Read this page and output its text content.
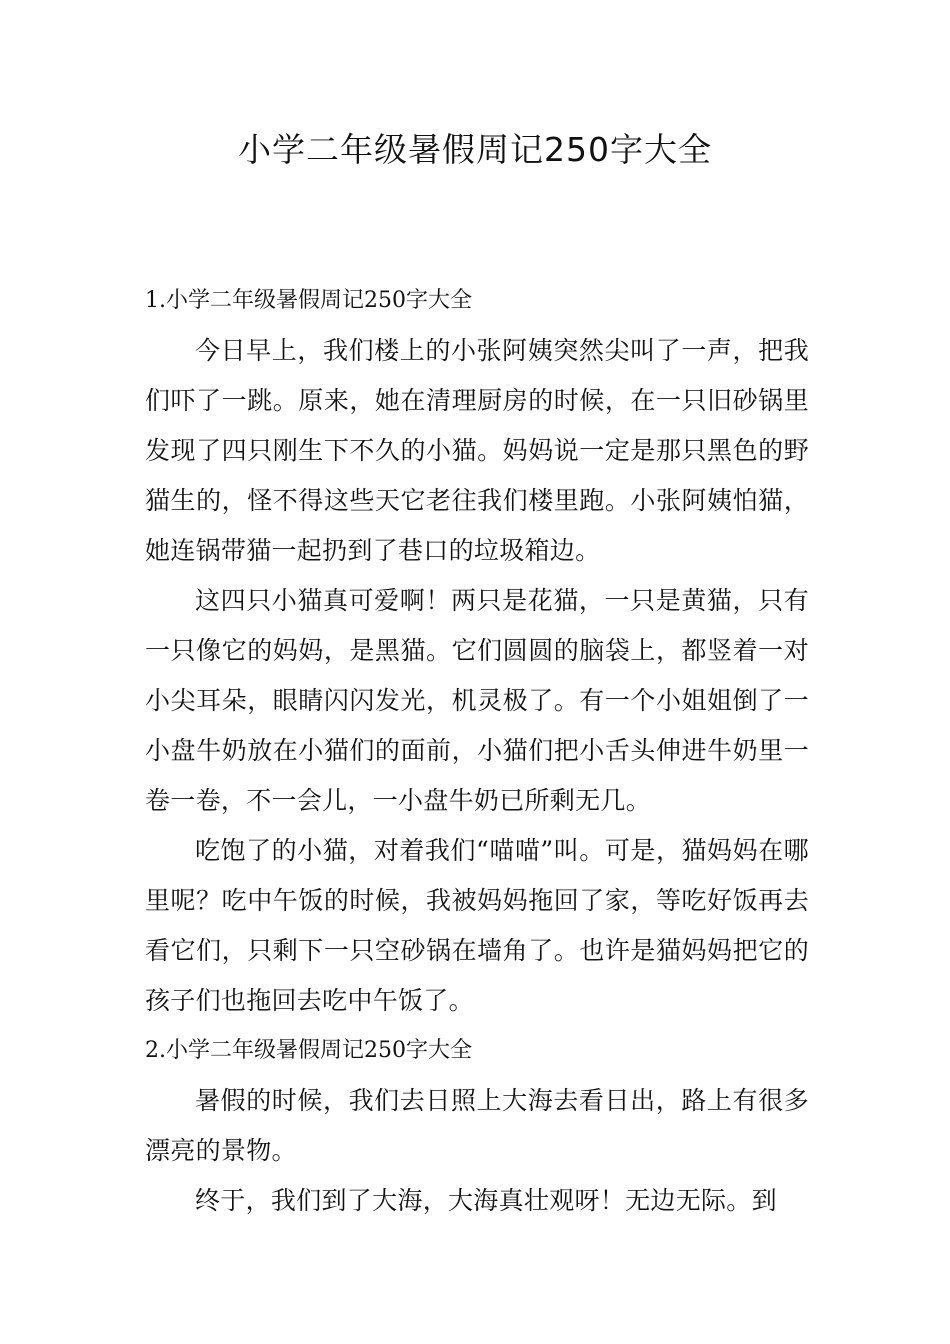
小学二年级暑假周记250字大全
1.小学二年级暑假周记250字大全

今日早上，我们楼上的小张阿姨突然尖叫了一声，把我们吓了一跳。原来，她在清理厨房的时候，在一只旧砂锅里发现了四只刚生下不久的小猫。妈妈说一定是那只黑色的野猫生的，怪不得这些天它老往我们楼里跑。小张阿姨怕猫，她连锅带猫一起扔到了巷口的垃圾箱边。

这四只小猫真可爱啊！两只是花猫，一只是黄猫，只有一只像它的妈妈，是黑猫。它们圆圆的脑袋上，都竖着一对小尖耳朵，眼睛闪闪发光，机灵极了。有一个小姐姐倒了一小盘牛奶放在小猫们的面前，小猫们把小舌头伸进牛奶里一卷一卷，不一会儿，一小盘牛奶已所剩无几。

吃饱了的小猫，对着我们“喵喵”叫。可是，猫妈妈在哪里呢？吃中午饭的时候，我被妈妈拖回了家，等吃好饭再去看它们，只剩下一只空砂锅在墙角了。也许是猫妈妈把它的孩子们也拖回去吃中午饭了。

2.小学二年级暑假周记250字大全

暑假的时候，我们去日照上大海去看日出，路上有很多漂亮的景物。

终于，我们到了大海，大海真壮观呀！无边无际。到
